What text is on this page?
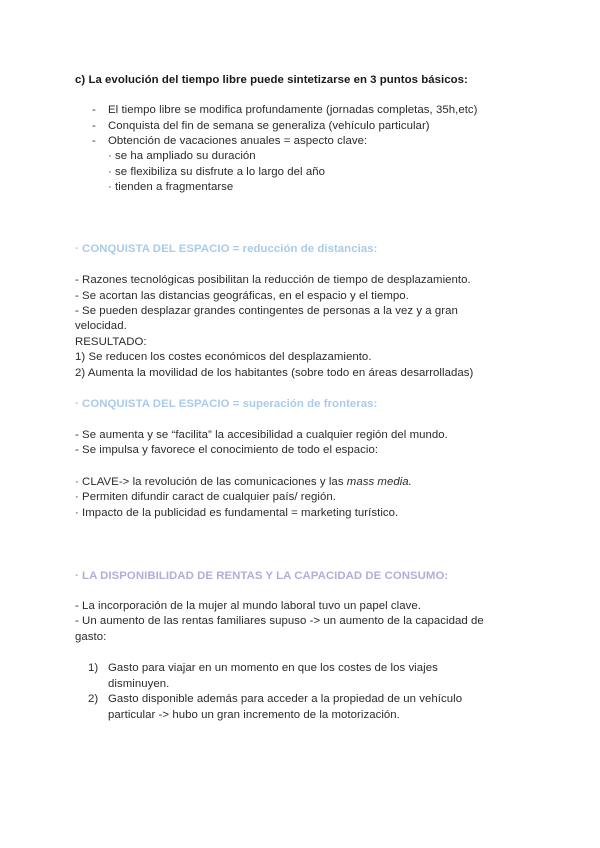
c) La evolución del tiempo libre puede sintetizarse en 3 puntos básicos:
- El tiempo libre se modifica profundamente (jornadas completas, 35h,etc)
- Conquista del fin de semana se generaliza (vehículo particular)
- Obtención de vacaciones anuales = aspecto clave:
· se ha ampliado su duración
· se flexibiliza su disfrute a lo largo del año
· tienden a fragmentarse
· CONQUISTA DEL ESPACIO = reducción de distancias:
- Razones tecnológicas posibilitan la reducción de tiempo de desplazamiento.
- Se acortan las distancias geográficas, en el espacio y el tiempo.
- Se pueden desplazar grandes contingentes de personas a la vez y a gran
velocidad.
RESULTADO:
1) Se reducen los costes económicos del desplazamiento.
2) Aumenta la movilidad de los habitantes (sobre todo en áreas desarrolladas)
· CONQUISTA DEL ESPACIO = superación de fronteras:
- Se aumenta y se “facilita” la accesibilidad a cualquier región del mundo.
- Se impulsa y favorece el conocimiento de todo el espacio:
· CLAVE-> la revolución de las comunicaciones y las mass media.
· Permiten difundir caract de cualquier país/ región.
· Impacto de la publicidad es fundamental = marketing turístico.
· LA DISPONIBILIDAD DE RENTAS Y LA CAPACIDAD DE CONSUMO:
- La incorporación de la mujer al mundo laboral tuvo un papel clave.
- Un aumento de las rentas familiares supuso -> un aumento de la capacidad de
gasto:
1) Gasto para viajar en un momento en que los costes de los viajes
disminuyen.
2) Gasto disponible además para acceder a la propiedad de un vehículo
particular -> hubo un gran incremento de la motorización.
